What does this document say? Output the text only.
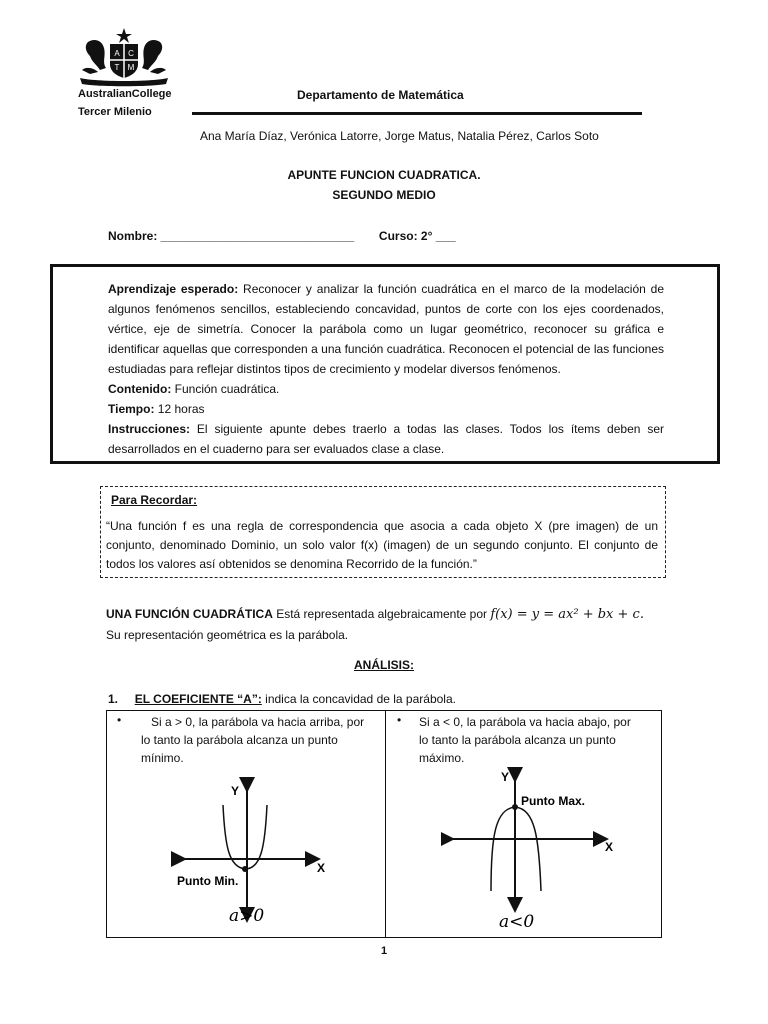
A C
T M
AustralianCollege
Tercer Milenio
Departamento de Matemática
Ana María Díaz, Verónica Latorre, Jorge Matus, Natalia Pérez, Carlos Soto
APUNTE FUNCION CUADRATICA.
SEGUNDO MEDIO
Nombre: _____________________________ Curso: 2° ___

Aprendizaje esperado: Reconocer y analizar la función cuadrática en el marco de la modelación de algunos fenómenos sencillos, estableciendo concavidad, puntos de corte con los ejes coordenados, vértice, eje de simetría. Conocer la parábola como un lugar geométrico, reconocer su gráfica e identificar aquellas que corresponden a una función cuadrática. Reconocen el potencial de las funciones estudiadas para reflejar distintos tipos de crecimiento y modelar diversos fenómenos.

Contenido: Función cuadrática.

Tiempo: 12 horas

Instrucciones: El siguiente apunte debes traerlo a todas las clases. Todos los ítems deben ser desarrollados en el cuaderno para ser evaluados clase a clase.

Para Recordar:
“Una función f es una regla de correspondencia que asocia a cada objeto X (pre imagen) de un conjunto, denominado Dominio, un solo valor f(x) (imagen) de un segundo conjunto. El conjunto de todos los valores así obtenidos se denomina Recorrido de la función.”
UNA FUNCIÓN CUADRÁTICA Está representada algebraicamente por f(x) = y = ax² + bx + c.
Su representación geométrica es la parábola.
ANÁLISIS:
1. EL COEFICIENTE “A”: indica la concavidad de la parábola.
• Si a > 0, la parábola va hacia arriba, por
lo tanto la parábola alcanza un punto
mínimo.
X
Y
Punto Min.
a>0
• Si a < 0, la parábola va hacia abajo, por
lo tanto la parábola alcanza un punto
máximo.
X
Y
Punto Max.
a<0
1
